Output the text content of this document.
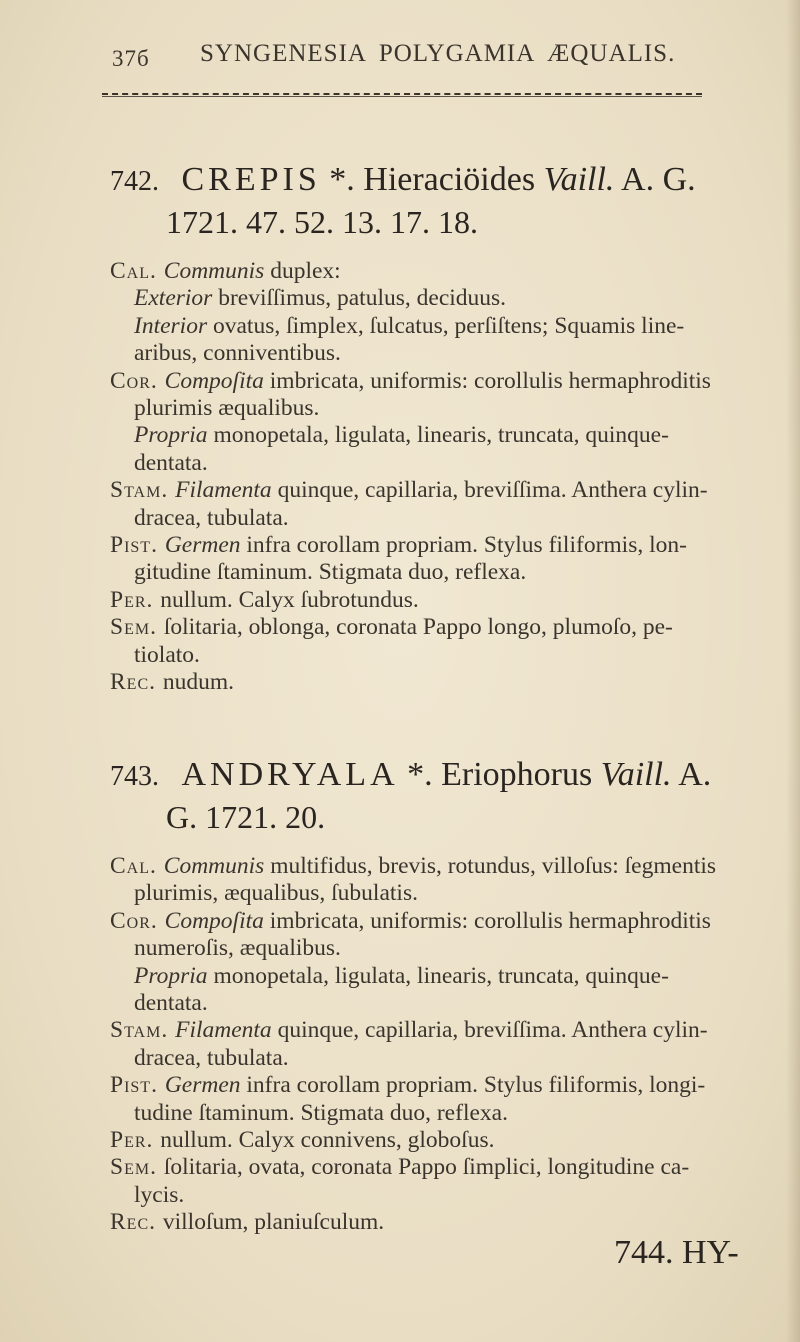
37б SYNGENESIA POLYGAMIA ÆQUALIS.
742. CREPIS *. Hieraciöides Vaill. A. G.
1721. 47. 52. 13. 17. 18.
Cal. Communis duplex:
Exterior breviſſimus, patulus, deciduus.
Interior ovatus, ſimplex, ſulcatus, perſiſtens; Squamis line-
aribus, conniventibus.
Cor. Compoſita imbricata, uniformis: corollulis hermaphroditis
plurimis æqualibus.
Propria monopetala, ligulata, linearis, truncata, quinque-
dentata.
Stam. Filamenta quinque, capillaria, breviſſima. Anthera cylin-
dracea, tubulata.
Pist. Germen infra corollam propriam. Stylus filiformis, lon-
gitudine ſtaminum. Stigmata duo, reflexa.
Per. nullum. Calyx ſubrotundus.
Sem. ſolitaria, oblonga, coronata Pappo longo, plumoſo, pe-
tiolato.
Rec. nudum.
743. ANDRYALA *. Eriophorus Vaill. A.
G. 1721. 20.
Cal. Communis multifidus, brevis, rotundus, villoſus: ſegmentis
plurimis, æqualibus, ſubulatis.
Cor. Compoſita imbricata, uniformis: corollulis hermaphroditis
numeroſis, æqualibus.
Propria monopetala, ligulata, linearis, truncata, quinque-
dentata.
Stam. Filamenta quinque, capillaria, breviſſima. Anthera cylin-
dracea, tubulata.
Pist. Germen infra corollam propriam. Stylus filiformis, longi-
tudine ſtaminum. Stigmata duo, reflexa.
Per. nullum. Calyx connivens, globoſus.
Sem. ſolitaria, ovata, coronata Pappo ſimplici, longitudine ca-
lycis.
Rec. villoſum, planiuſculum.
744. HY-
